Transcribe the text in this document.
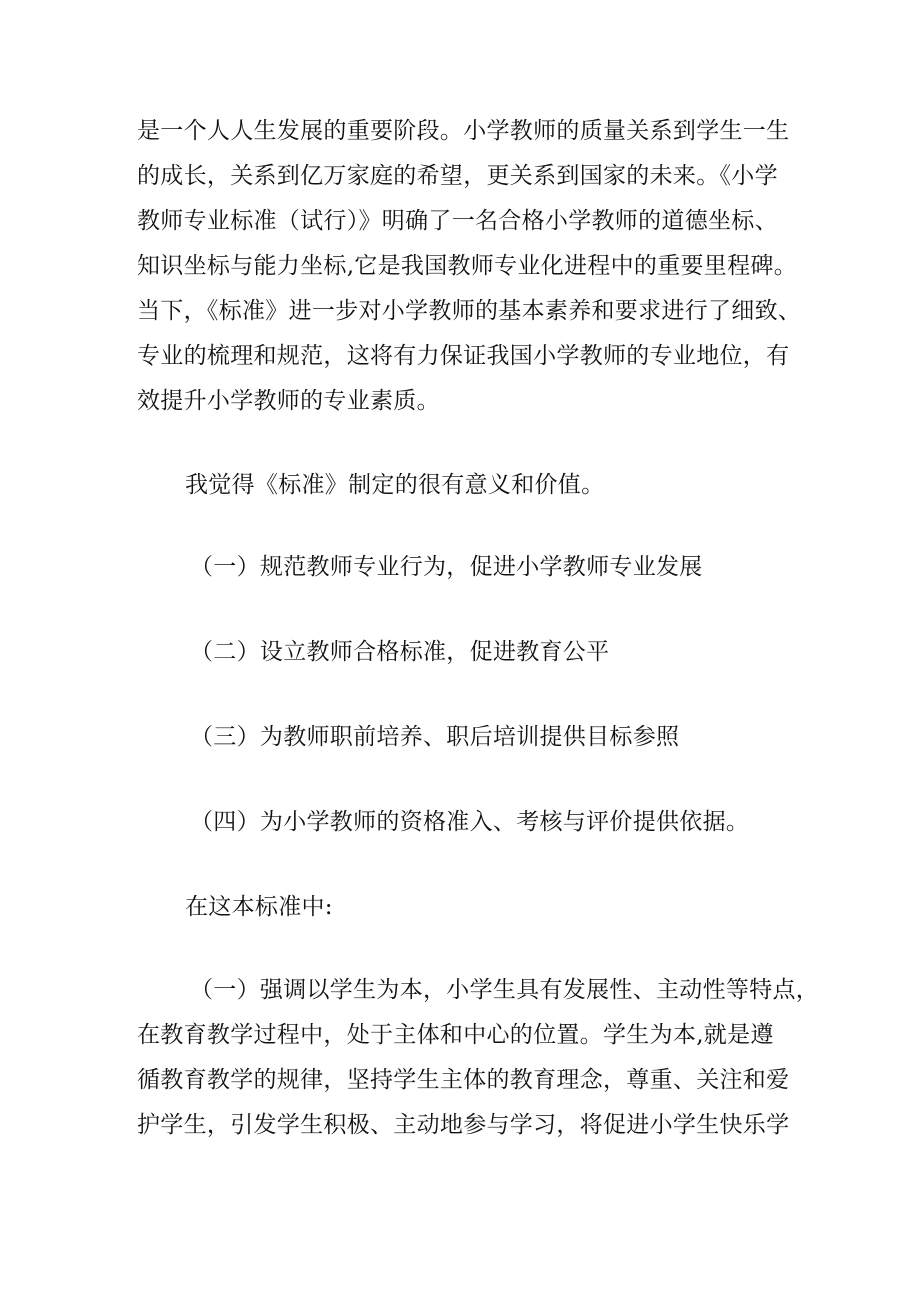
是一个人人生发展的重要阶段。小学教师的质量关系到学生一生
的成长，关系到亿万家庭的希望，更关系到国家的未来。《小学
教师专业标准（试行）》明确了一名合格小学教师的道德坐标、
知识坐标与能力坐标,它是我国教师专业化进程中的重要里程碑。
当下，《标准》进一步对小学教师的基本素养和要求进行了细致、
专业的梳理和规范，这将有力保证我国小学教师的专业地位，有
效提升小学教师的专业素质。
我觉得《标准》制定的很有意义和价值。
（一）规范教师专业行为，促进小学教师专业发展
（二）设立教师合格标准，促进教育公平
（三）为教师职前培养、职后培训提供目标参照
（四）为小学教师的资格准入、考核与评价提供依据。
在这本标准中:
（一）强调以学生为本，小学生具有发展性、主动性等特点，
在教育教学过程中，处于主体和中心的位置。学生为本,就是遵
循教育教学的规律，坚持学生主体的教育理念，尊重、关注和爱
护学生，引发学生积极、主动地参与学习，将促进小学生快乐学
